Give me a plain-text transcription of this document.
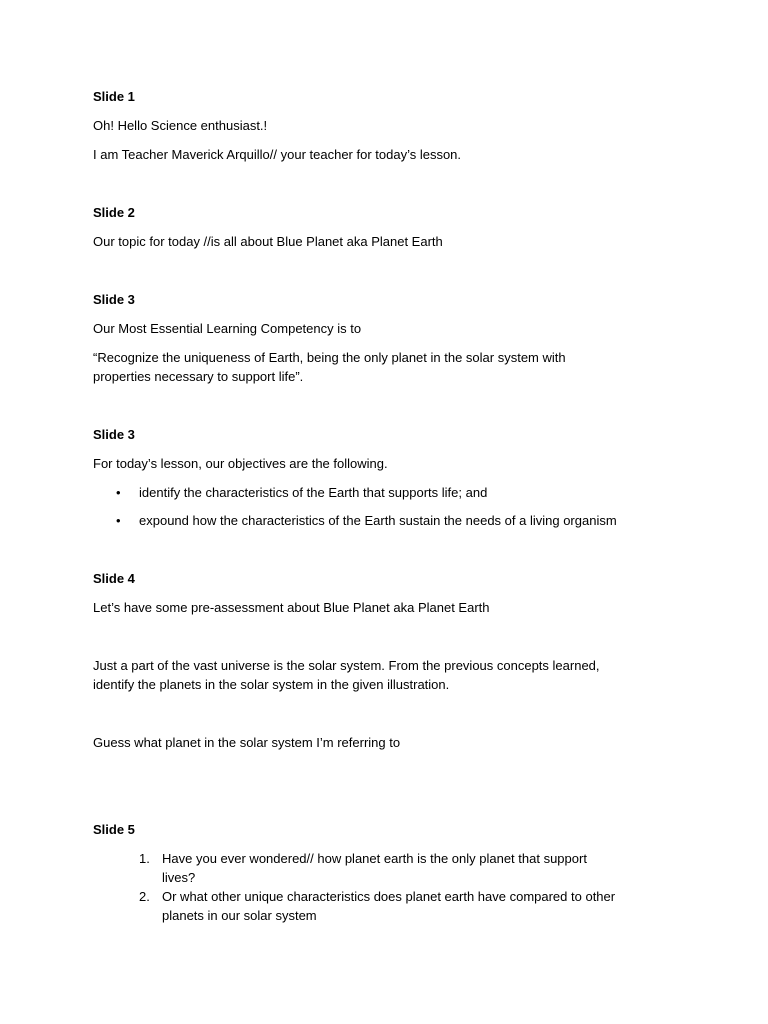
Slide 1
Oh! Hello Science enthusiast.!
I am Teacher Maverick Arquillo// your teacher for today’s lesson.
Slide 2
Our topic for today //is all about Blue Planet aka Planet Earth
Slide 3
Our Most Essential Learning Competency is to
“Recognize the uniqueness of Earth, being the only planet in the solar system with
properties necessary to support life”.
Slide 3
For today’s lesson, our objectives are the following.
• identify the characteristics of the Earth that supports life; and
• expound how the characteristics of the Earth sustain the needs of a living organism
Slide 4
Let’s have some pre-assessment about Blue Planet aka Planet Earth
Just a part of the vast universe is the solar system. From the previous concepts learned,
identify the planets in the solar system in the given illustration.
Guess what planet in the solar system I’m referring to
Slide 5
1. Have you ever wondered// how planet earth is the only planet that support
lives?
2. Or what other unique characteristics does planet earth have compared to other
planets in our solar system
